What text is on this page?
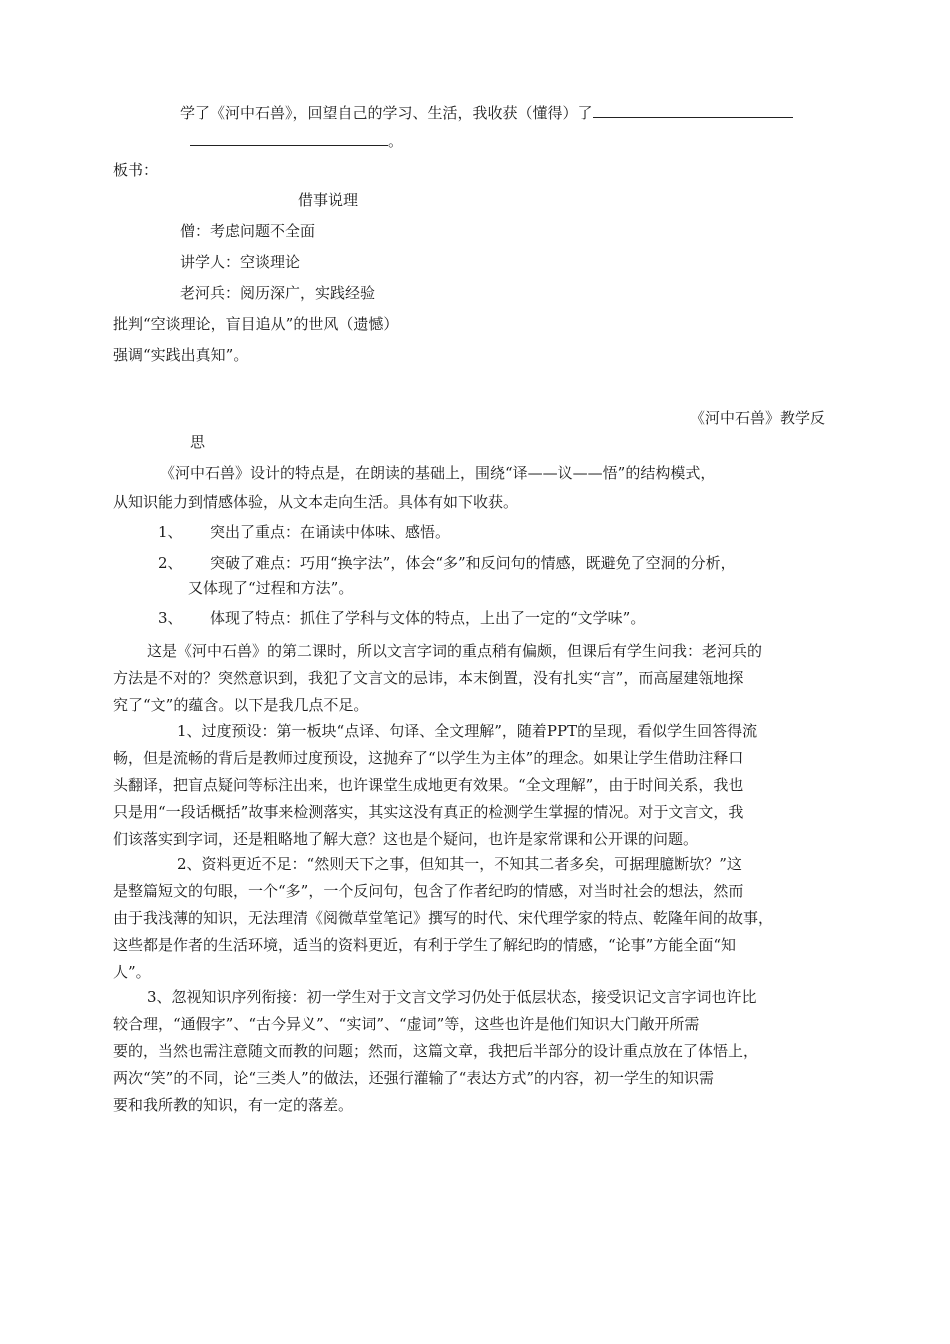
学了《河中石兽》，回望自己的学习、生活，我收获（懂得）了
。
板书：
借事说理
僧：考虑问题不全面
讲学人：空谈理论
老河兵：阅历深广，实践经验
批判“空谈理论，盲目追从”的世风（遗憾）
强调“实践出真知”。
《河中石兽》教学反
思
《河中石兽》设计的特点是，在朗读的基础上，围绕“译——议——悟”的结构模式，
从知识能力到情感体验，从文本走向生活。具体有如下收获。
1、 突出了重点：在诵读中体味、感悟。
2、 突破了难点：巧用“换字法”，体会“多”和反问句的情感，既避免了空洞的分析，
又体现了“过程和方法”。
3、 体现了特点：抓住了学科与文体的特点，上出了一定的“文学味”。
这是《河中石兽》的第二课时，所以文言字词的重点稍有偏颇，但课后有学生问我：老河兵的
方法是不对的？突然意识到，我犯了文言文的忌讳，本末倒置，没有扎实“言”，而高屋建瓴地探
究了“文”的蕴含。以下是我几点不足。
1、过度预设：第一板块“点译、句译、全文理解”，随着PPT的呈现，看似学生回答得流
畅，但是流畅的背后是教师过度预设，这抛弃了“以学生为主体”的理念。如果让学生借助注释口
头翻译，把盲点疑问等标注出来，也许课堂生成地更有效果。“全文理解”，由于时间关系，我也
只是用“一段话概括”故事来检测落实，其实这没有真正的检测学生掌握的情况。对于文言文，我
们该落实到字词，还是粗略地了解大意？这也是个疑问，也许是家常课和公开课的问题。
2、资料更近不足：“然则天下之事，但知其一，不知其二者多矣，可据理臆断欤？”这
是整篇短文的句眼，一个“多”，一个反问句，包含了作者纪昀的情感，对当时社会的想法，然而
由于我浅薄的知识，无法理清《阅微草堂笔记》撰写的时代、宋代理学家的特点、乾隆年间的故事，
这些都是作者的生活环境，适当的资料更近，有利于学生了解纪昀的情感，“论事”方能全面“知
人”。
3、忽视知识序列衔接：初一学生对于文言文学习仍处于低层状态，接受识记文言字词也许比
较合理，“通假字”、“古今异义”、“实词”、“虚词”等，这些也许是他们知识大门敞开所需
要的，当然也需注意随文而教的问题；然而，这篇文章，我把后半部分的设计重点放在了体悟上，
两次“笑”的不同，论“三类人”的做法，还强行灌输了“表达方式”的内容，初一学生的知识需
要和我所教的知识，有一定的落差。
